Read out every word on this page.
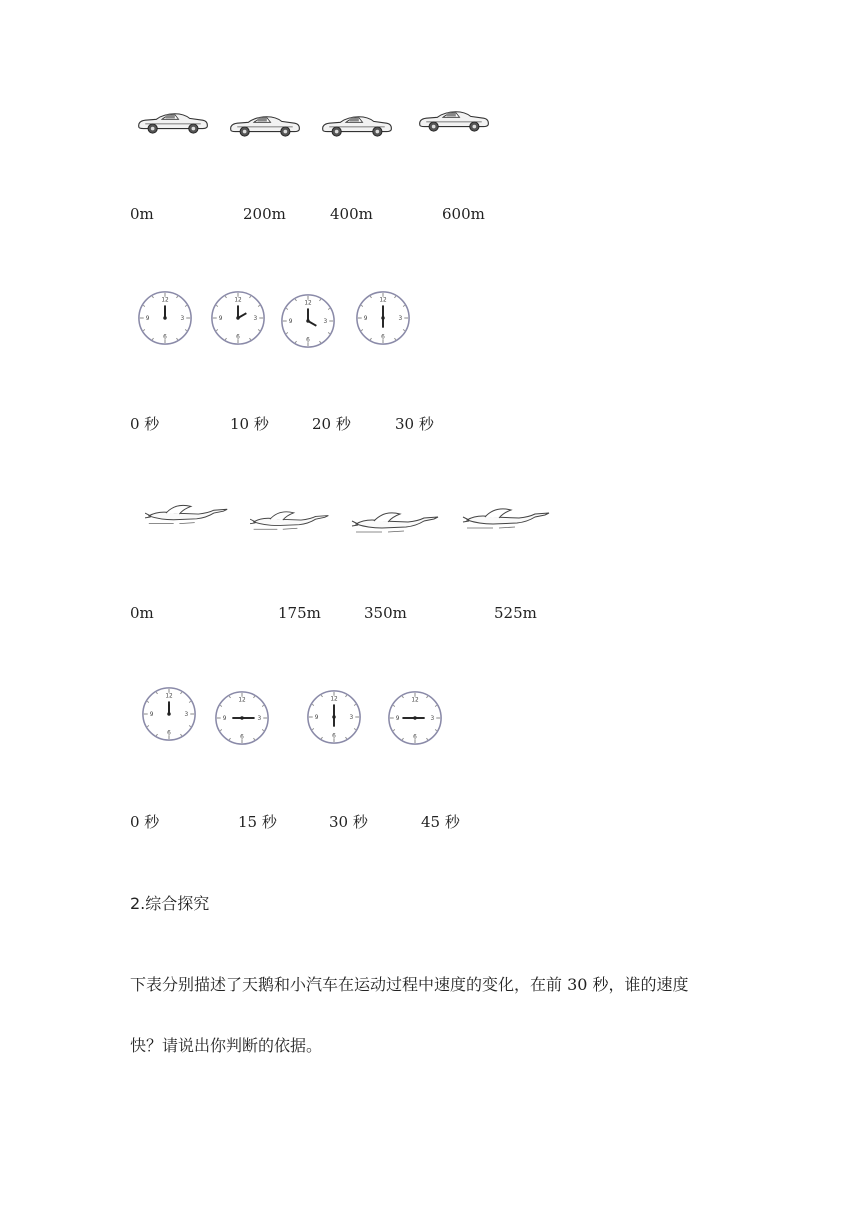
0m	200m	400m	600m
12
3
6
9
12
3
6
9
12
3
6
9
12
3
6
9
0 秒	10 秒	20 秒	30 秒
0m	175m	350m	525m
12
3
6
9
12
3
6
9
12
3
6
9
12
3
6
9
0 秒	15 秒	30 秒	45 秒
2.综合探究
下表分别描述了天鹅和小汽车在运动过程中速度的变化，在前 30 秒，谁的速度
快？请说出你判断的依据。
